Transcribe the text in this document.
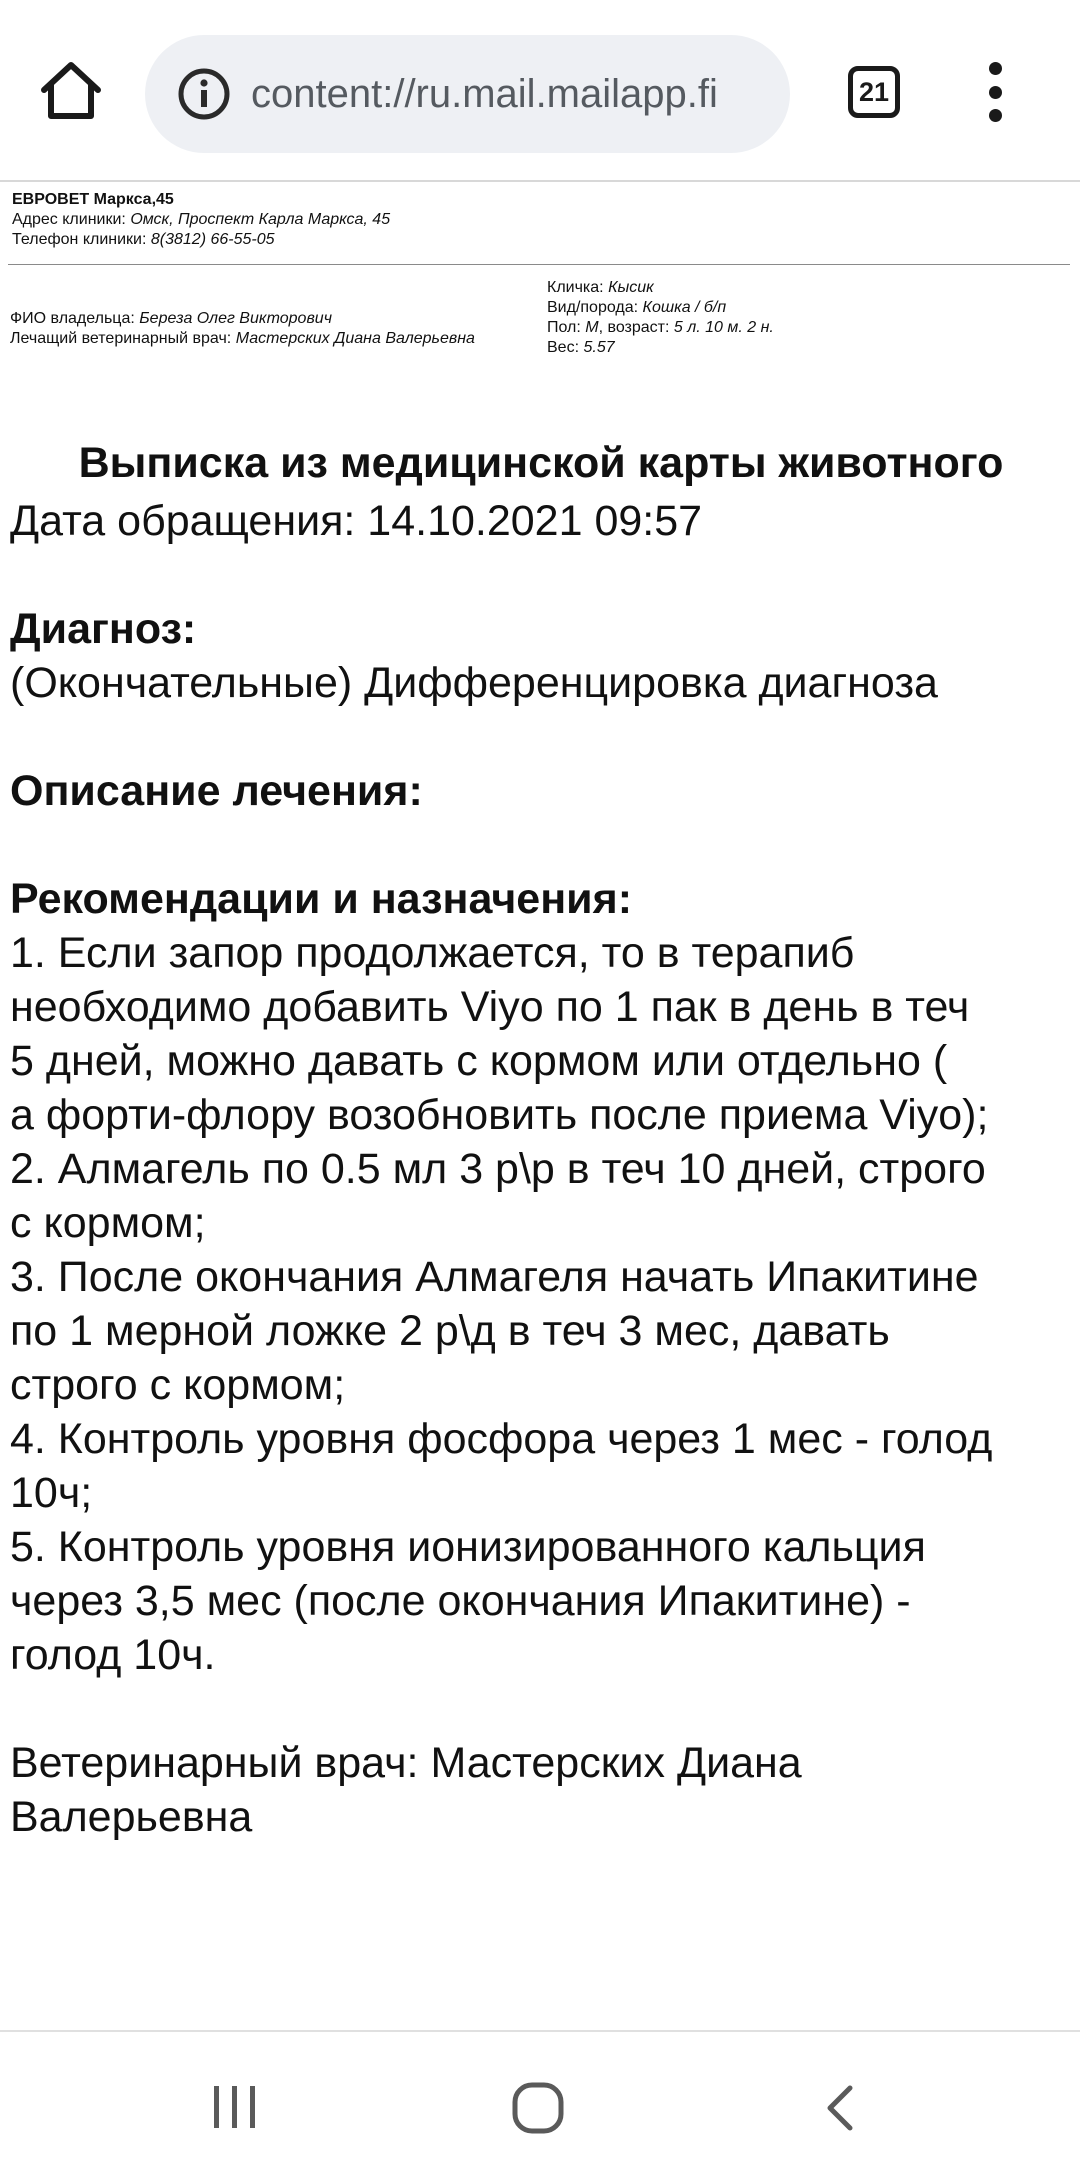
content://ru.mail.mailapp.fi	21
ЕВРОВЕТ Маркса,45
Адрес клиники: Омск, Проспект Карла Маркса, 45
Телефон клиники: 8(3812) 66-55-05
ФИО владельца: Береза Олег Викторович
Лечащий ветеринарный врач: Мастерских Диана Валерьевна
Кличка: Кысик
Вид/порода: Кошка / б/п
Пол: М, возраст: 5 л. 10 м. 2 н.
Вес: 5.57

Выписка из медицинской карты животного

Дата обращения: 14.10.2021 09:57

Диагноз:

(Окончательные) Дифференцировка диагноза

Описание лечения:

Рекомендации и назначения:

1. Если запор продолжается, то в терапиб

необходимо добавить Viyo по 1 пак в день в теч

5 дней, можно давать с кормом или отдельно (

а форти-флору возобновить после приема Viyo);

2. Алмагель по 0.5 мл 3 р\р в теч 10 дней, строго

с кормом;

3. После окончания Алмагеля начать Ипакитине

по 1 мерной ложке 2 р\д в теч 3 мес, давать

строго с кормом;

4. Контроль уровня фосфора через 1 мес - голод

10ч;

5. Контроль уровня ионизированного кальция

через 3,5 мес (после окончания Ипакитине) -

голод 10ч.

Ветеринарный врач: Мастерских Диана

Валерьевна
